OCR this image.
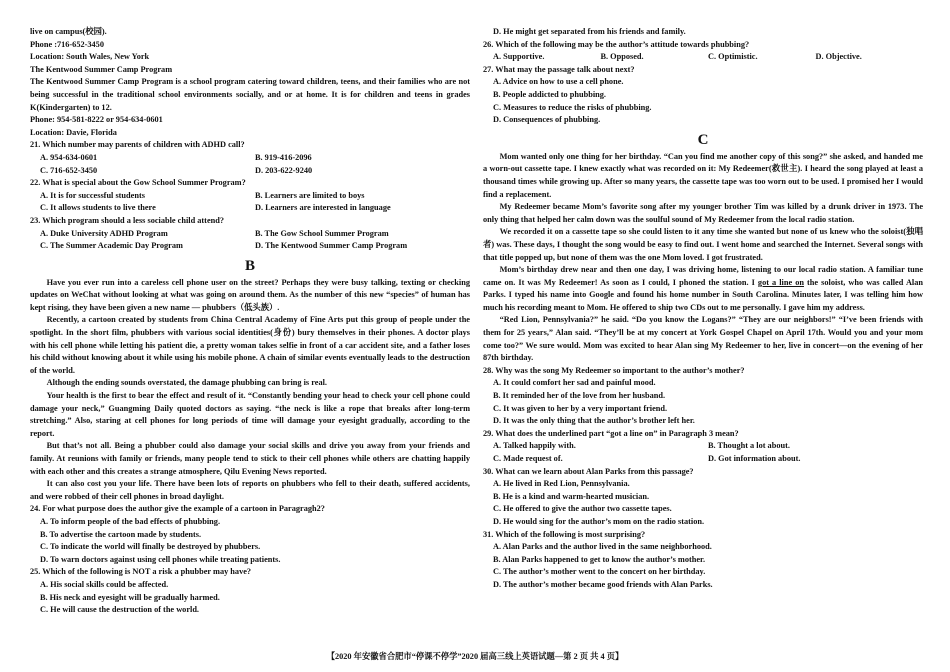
live on campus(校园).
Phone :716-652-3450
Location: South Wales, New York
The Kentwood Summer Camp Program

The Kentwood Summer Camp Program is a school program catering toward children, teens, and their families who are not being successful in the traditional school environments socially, and or at home. It is for children and teens in grades K(Kindergarten) to 12.

Phone: 954-581-8222 or 954-634-0601
Location: Davie, Florida
21. Which number may parents of children with ADHD call?
A. 954-634-0601	B. 919-416-2096
C. 716-652-3450	D. 203-622-9240
22. What is special about the Gow School Summer Program?
A. It is for successful students	B. Learners are limited to boys
C. It allows students to live there	D. Learners are interested in language
23. Which program should a less sociable child attend?
A. Duke University ADHD Program	B. The Gow School Summer Program
C. The Summer Academic Day Program	D. The Kentwood Summer Camp Program
B

Have you ever run into a careless cell phone user on the street? Perhaps they were busy talking, texting or checking updates on WeChat without looking at what was going on around them. As the number of this new “species” of human has kept rising, they have been given a new name — phubbers（低头族）.

Recently, a cartoon created by students from China Central Academy of Fine Arts put this group of people under the spotlight. In the short film, phubbers with various social identities(身份) bury themselves in their phones. A doctor plays with his cell phone while letting his patient die, a pretty woman takes selfie in front of a car accident site, and a father loses his child without knowing about it while using his mobile phone. A chain of similar events eventually leads to the destruction of the world.

Although the ending sounds overstated, the damage phubbing can bring is real.

Your health is the first to bear the effect and result of it. “Constantly bending your head to check your cell phone could damage your neck,” Guangming Daily quoted doctors as saying. “the neck is like a rope that breaks after long-term stretching.” Also, staring at cell phones for long periods of time will damage your eyesight gradually, according to the report.

But that’s not all. Being a phubber could also damage your social skills and drive you away from your friends and family. At reunions with family or friends, many people tend to stick to their cell phones while others are chatting happily with each other and this creates a strange atmosphere, Qilu Evening News reported.

It can also cost you your life. There have been lots of reports on phubbers who fell to their death, suffered accidents, and were robbed of their cell phones in broad daylight.

24. For what purpose does the author give the example of a cartoon in Paragragh2?
A. To inform people of the bad effects of phubbing.
B. To advertise the cartoon made by students.
C. To indicate the world will finally be destroyed by phubbers.
D. To warn doctors against using cell phones while treating patients.
25. Which of the following is NOT a risk a phubber may have?
A. His social skills could be affected.
B. His neck and eyesight will be gradually harmed.
C. He will cause the destruction of the world.
D. He might get separated from his friends and family.
26. Which of the following may be the author’s attitude towards phubbing?
A. Supportive.	B. Opposed.	C. Optimistic.	D. Objective.
27. What may the passage talk about next?
A. Advice on how to use a cell phone.
B. People addicted to phubbing.
C. Measures to reduce the risks of phubbing.
D. Consequences of phubbing.
C

Mom wanted only one thing for her birthday. “Can you find me another copy of this song?” she asked, and handed me a worn-out cassette tape. I knew exactly what was recorded on it: My Redeemer(救世主). I heard the song played at least a thousand times while growing up. After so many years, the cassette tape was too worn out to be used. I promised her I would find a replacement.

My Redeemer became Mom’s favorite song after my younger brother Tim was killed by a drunk driver in 1973. The only thing that helped her calm down was the soulful sound of My Redeemer from the local radio station.

We recorded it on a cassette tape so she could listen to it any time she wanted but none of us knew who the soloist(独唱者) was. These days, I thought the song would be easy to find out. I went home and searched the Internet. Several songs with that title popped up, but none of them was the one Mom loved. I got frustrated.

Mom’s birthday drew near and then one day, I was driving home, listening to our local radio station. A familiar tune came on. It was My Redeemer! As soon as I could, I phoned the station. I got a line on the soloist, who was called Alan Parks. I typed his name into Google and found his home number in South Carolina. Minutes later, I was telling him how much his recording meant to Mom. He offered to ship two CDs out to me personally. I gave him my address.

“Red Lion, Pennsylvania?” he said. “Do you know the Logans?” “They are our neighbors!” “I’ve been friends with them for 25 years,” Alan said. “They’ll be at my concert at York Gospel Chapel on April 17th. Would you and your mom come too?” We sure would. Mom was excited to hear Alan sing My Redeemer to her, live in concert—on the evening of her 87th birthday.

28. Why was the song My Redeemer so important to the author’s mother?
A. It could comfort her sad and painful mood.
B. It reminded her of the love from her husband.
C. It was given to her by a very important friend.
D. It was the only thing that the author’s brother left her.
29. What does the underlined part “got a line on” in Paragraph 3 mean?
A. Talked happily with.	B. Thought a lot about.
C. Made request of.	D. Got information about.
30. What can we learn about Alan Parks from this passage?
A. He lived in Red Lion, Pennsylvania.
B. He is a kind and warm-hearted musician.
C. He offered to give the author two cassette tapes.
D. He would sing for the author’s mom on the radio station.
31. Which of the following is most surprising?
A. Alan Parks and the author lived in the same neighborhood.
B. Alan Parks happened to get to know the author’s mother.
C. The author’s mother went to the concert on her birthday.
D. The author’s mother became good friends with Alan Parks.
【2020 年安徽省合肥市“停课不停学”2020 届高三线上英语试题—第 2 页 共 4 页】
